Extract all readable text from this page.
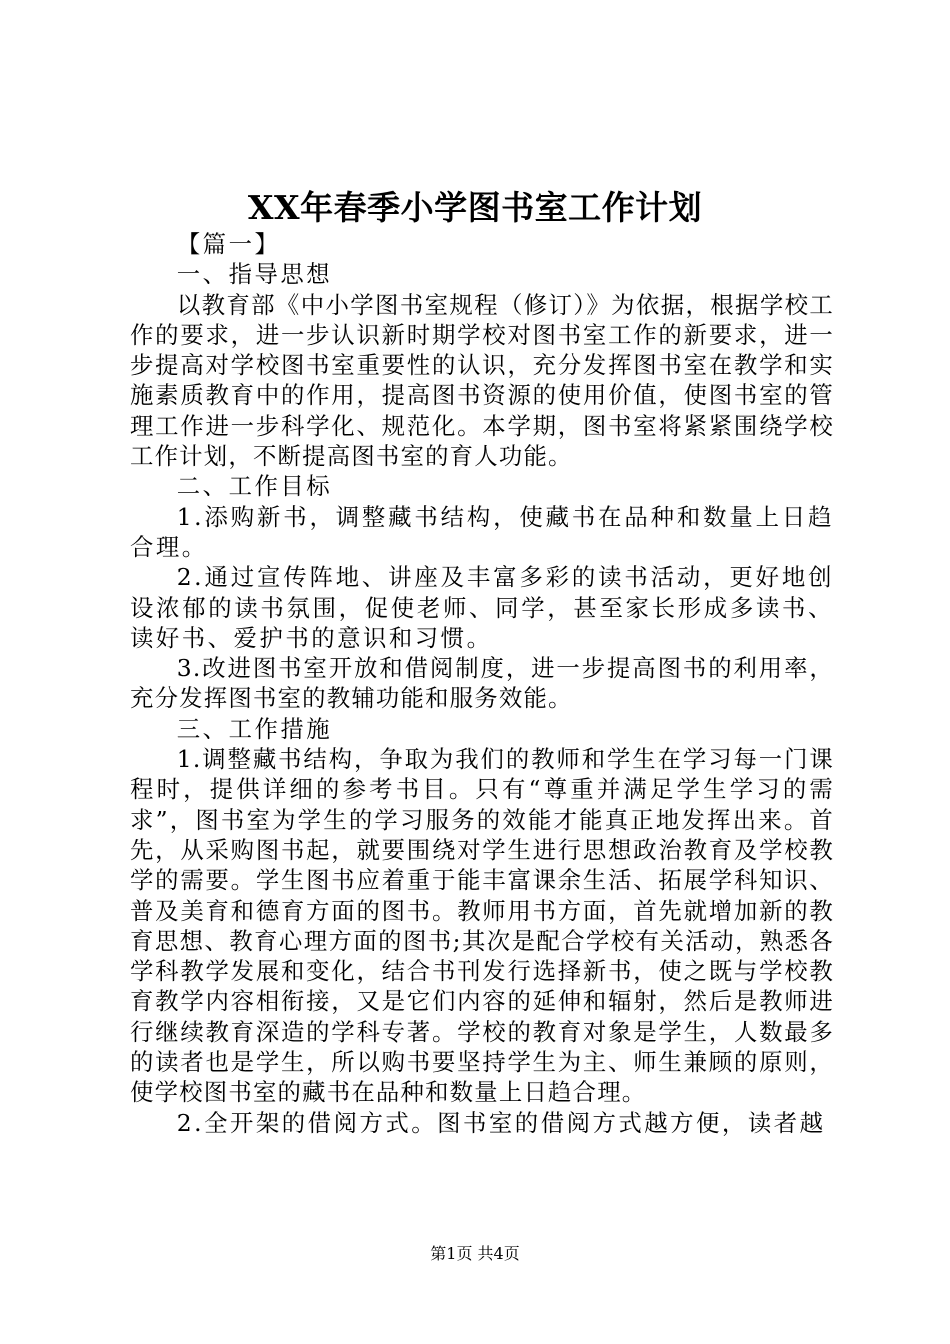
XX年春季小学图书室工作计划

【篇一】

一、指导思想

以教育部《中小学图书室规程（修订）》为依据，根据学校工作的要求，进一步认识新时期学校对图书室工作的新要求，进一步提高对学校图书室重要性的认识，充分发挥图书室在教学和实施素质教育中的作用，提高图书资源的使用价值，使图书室的管理工作进一步科学化、规范化。本学期，图书室将紧紧围绕学校工作计划，不断提高图书室的育人功能。

二、工作目标

1.添购新书，调整藏书结构，使藏书在品种和数量上日趋合理。

2.通过宣传阵地、讲座及丰富多彩的读书活动，更好地创设浓郁的读书氛围，促使老师、同学，甚至家长形成多读书、读好书、爱护书的意识和习惯。

3.改进图书室开放和借阅制度，进一步提高图书的利用率，充分发挥图书室的教辅功能和服务效能。

三、工作措施

1.调整藏书结构，争取为我们的教师和学生在学习每一门课程时，提供详细的参考书目。只有“尊重并满足学生学习的需求”，图书室为学生的学习服务的效能才能真正地发挥出来。首先，从采购图书起，就要围绕对学生进行思想政治教育及学校教学的需要。学生图书应着重于能丰富课余生活、拓展学科知识、普及美育和德育方面的图书。教师用书方面，首先就增加新的教育思想、教育心理方面的图书;其次是配合学校有关活动，熟悉各学科教学发展和变化，结合书刊发行选择新书，使之既与学校教育教学内容相衔接，又是它们内容的延伸和辐射，然后是教师进行继续教育深造的学科专著。学校的教育对象是学生，人数最多的读者也是学生，所以购书要坚持学生为主、师生兼顾的原则，使学校图书室的藏书在品种和数量上日趋合理。

2.全开架的借阅方式。图书室的借阅方式越方便，读者越

第1页 共4页
